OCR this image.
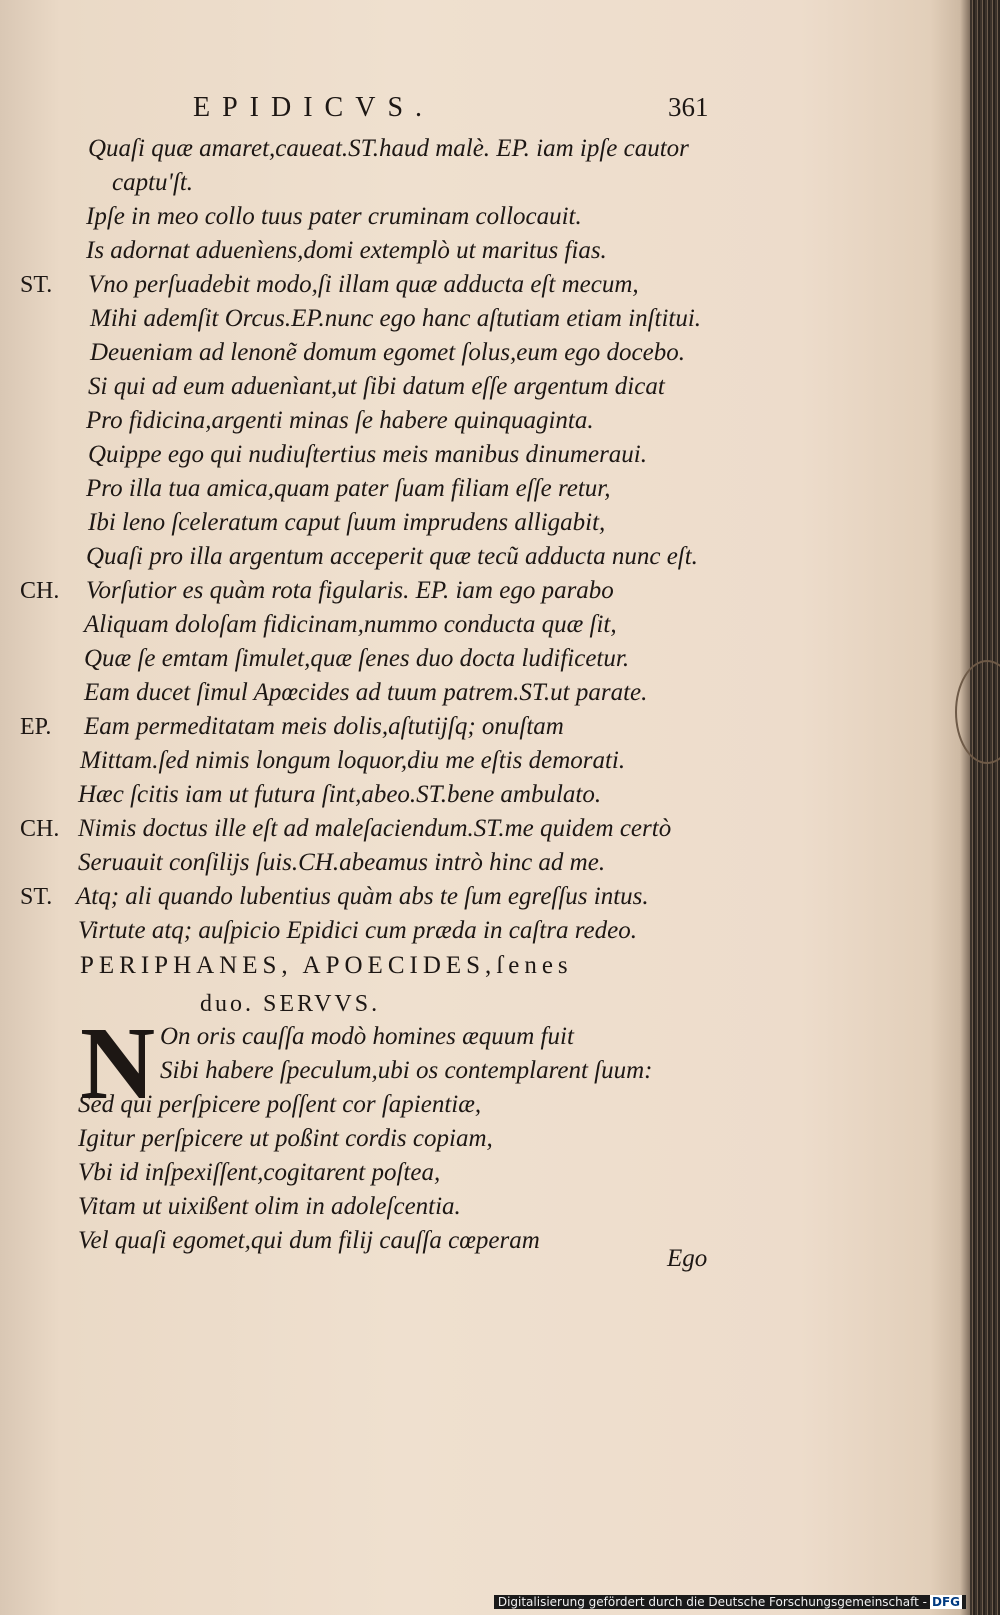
EPIDICVS.	361
Quaſi quæ amaret,caueat.ST.haud malè. EP. iam ipſe cautor
captu'ſt.
Ipſe in meo collo tuus pater cruminam collocauit.
Is adornat aduenìens,domi extemplò ut maritus fias.
ST. Vno perſuadebit modo,ſi illam quæ adducta eſt mecum,
Mihi ademſit Orcus.EP.nunc ego hanc aſtutiam etiam inſtitui.
Deueniam ad lenonẽ domum egomet ſolus,eum ego docebo.
Si qui ad eum aduenìant,ut ſibi datum eſſe argentum dicat
Pro fidicina,argenti minas ſe habere quinquaginta.
Quippe ego qui nudiuſtertius meis manibus dinumeraui.
Pro illa tua amica,quam pater ſuam filiam eſſe retur,
Ibi leno ſceleratum caput ſuum imprudens alligabit,
Quaſi pro illa argentum acceperit quæ tecũ adducta nunc eſt.
CH. Vorſutior es quàm rota figularis. EP. iam ego parabo
Aliquam doloſam fidicinam,nummo conducta quæ ſit,
Quæ ſe emtam ſimulet,quæ ſenes duo docta ludificetur.
Eam ducet ſimul Apœcides ad tuum patrem.ST.ut parate.
EP. Eam permeditatam meis dolis,aſtutijſq; onuſtam
Mittam.ſed nimis longum loquor,diu me eſtis demorati.
Hæc ſcitis iam ut futura ſint,abeo.ST.bene ambulato.
CH. Nimis doctus ille eſt ad maleſaciendum.ST.me quidem certò
Seruauit conſilijs ſuis.CH.abeamus intrò hinc ad me.
ST. Atq; ali quando lubentius quàm abs te ſum egreſſus intus.
Virtute atq; auſpicio Epidici cum præda in caſtra redeo.
PERIPHANES, APOECIDES,ſenes
duo. SERVVS.
N On oris cauſſa modò homines æquum fuit
Sibi habere ſpeculum,ubi os contemplarent ſuum:
Sed qui perſpicere poſſent cor ſapientiæ,
Igitur perſpicere ut poßint cordis copiam,
Vbi id inſpexiſſent,cogitarent poſtea,
Vitam ut uixißent olim in adoleſcentia.
Vel quaſi egomet,qui dum filij cauſſa cœperam
Ego
Digitalisierung gefördert durch die Deutsche Forschungsgemeinschaft - DFG
